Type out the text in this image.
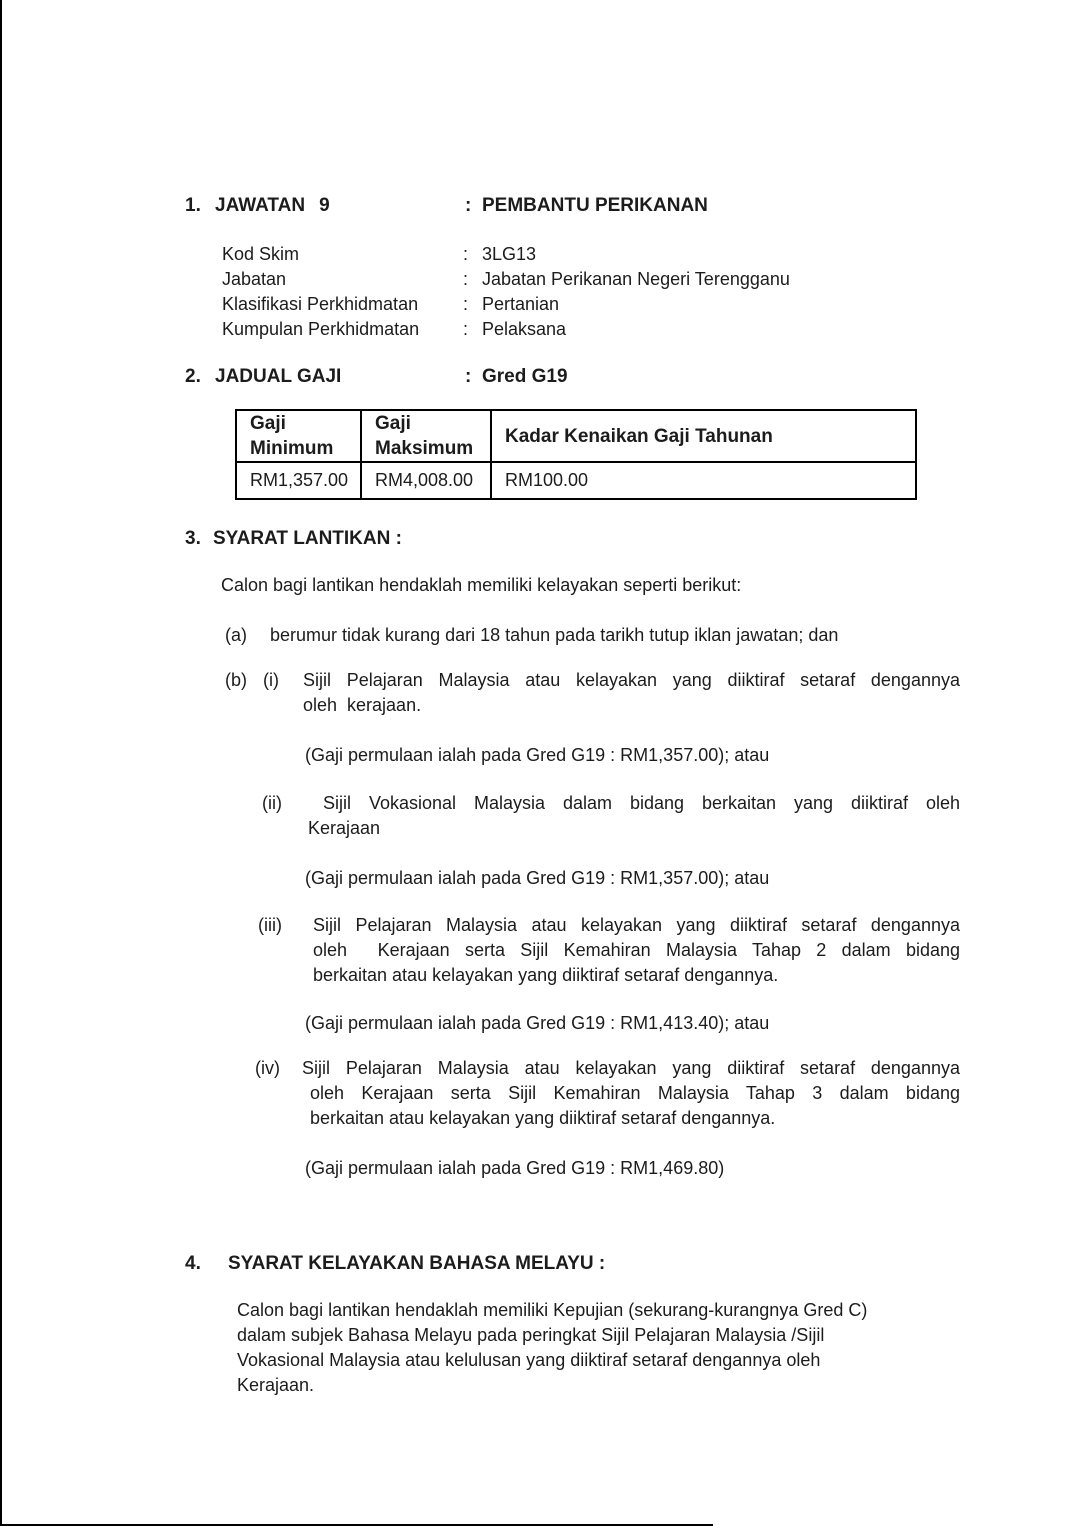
1. JAWATAN 9	: PEMBANTU PERIKANAN
Kod Skim	: 3LG13
Jabatan	: Jabatan Perikanan Negeri Terengganu
Klasifikasi Perkhidmatan	: Pertanian
Kumpulan Perkhidmatan	: Pelaksana
2. JADUAL GAJI	: Gred G19
Gaji Minimum	Gaji Maksimum	Kadar Kenaikan Gaji Tahunan
RM1,357.00	RM4,008.00	RM100.00
3. SYARAT LANTIKAN :
Calon bagi lantikan hendaklah memiliki kelayakan seperti berikut:
(a)	berumur tidak kurang dari 18 tahun pada tarikh tutup iklan jawatan; dan
(b) (i)	Sijil Pelajaran Malaysia atau kelayakan yang diiktiraf setaraf dengannya
oleh  kerajaan.
(Gaji permulaan ialah pada Gred G19 : RM1,357.00); atau
(ii)	Sijil Vokasional Malaysia dalam bidang berkaitan yang diiktiraf oleh
Kerajaan
(Gaji permulaan ialah pada Gred G19 : RM1,357.00); atau
(iii)	Sijil Pelajaran Malaysia atau kelayakan yang diiktiraf setaraf dengannya
oleh  Kerajaan serta Sijil Kemahiran Malaysia Tahap 2 dalam bidang
berkaitan atau kelayakan yang diiktiraf setaraf dengannya.
(Gaji permulaan ialah pada Gred G19 : RM1,413.40); atau
(iv)	Sijil Pelajaran Malaysia atau kelayakan yang diiktiraf setaraf dengannya
oleh Kerajaan serta Sijil Kemahiran Malaysia Tahap 3 dalam bidang
berkaitan atau kelayakan yang diiktiraf setaraf dengannya.
(Gaji permulaan ialah pada Gred G19 : RM1,469.80)
4.	SYARAT KELAYAKAN BAHASA MELAYU :
Calon bagi lantikan hendaklah memiliki Kepujian (sekurang-kurangnya Gred C)
dalam subjek Bahasa Melayu pada peringkat Sijil Pelajaran Malaysia /Sijil
Vokasional Malaysia atau kelulusan yang diiktiraf setaraf dengannya oleh
Kerajaan.
